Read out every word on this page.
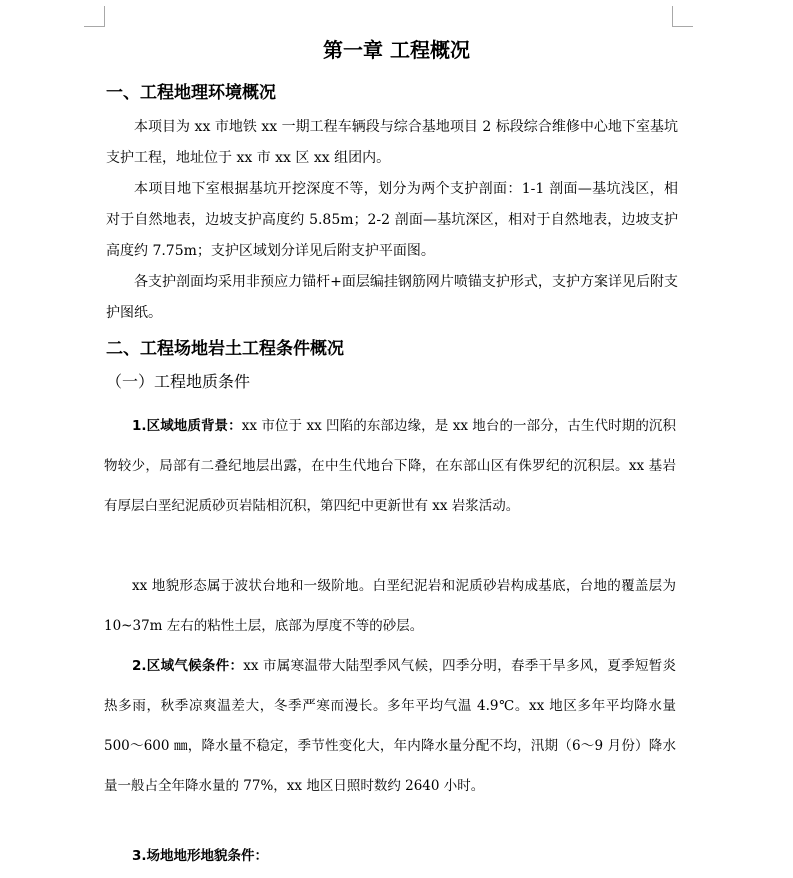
第一章 工程概况
一、工程地理环境概况
本项目为 xx 市地铁 xx 一期工程车辆段与综合基地项目 2 标段综合维修中心地下室基坑支护工程，地址位于 xx 市 xx 区 xx 组团内。
本项目地下室根据基坑开挖深度不等，划分为两个支护剖面：1-1 剖面—基坑浅区，相对于自然地表，边坡支护高度约 5.85m；2-2 剖面—基坑深区，相对于自然地表，边坡支护高度约 7.75m；支护区域划分详见后附支护平面图。
各支护剖面均采用非预应力锚杆+面层编挂钢筋网片喷锚支护形式，支护方案详见后附支护图纸。
二、工程场地岩土工程条件概况
（一）工程地质条件
1.区域地质背景：xx 市位于 xx 凹陷的东部边缘，是 xx 地台的一部分，古生代时期的沉积物较少，局部有二叠纪地层出露，在中生代地台下降，在东部山区有侏罗纪的沉积层。xx 基岩有厚层白垩纪泥质砂页岩陆相沉积，第四纪中更新世有 xx 岩浆活动。
xx 地貌形态属于波状台地和一级阶地。白垩纪泥岩和泥质砂岩构成基底，台地的覆盖层为 10~37m 左右的粘性土层，底部为厚度不等的砂层。
2.区域气候条件：xx 市属寒温带大陆型季风气候，四季分明，春季干旱多风，夏季短暂炎热多雨，秋季凉爽温差大，冬季严寒而漫长。多年平均气温 4.9℃。xx 地区多年平均降水量 500～600 ㎜，降水量不稳定，季节性变化大，年内降水量分配不均，汛期（6～9 月份）降水量一般占全年降水量的 77%，xx 地区日照时数约 2640 小时。
3.场地地形地貌条件：
